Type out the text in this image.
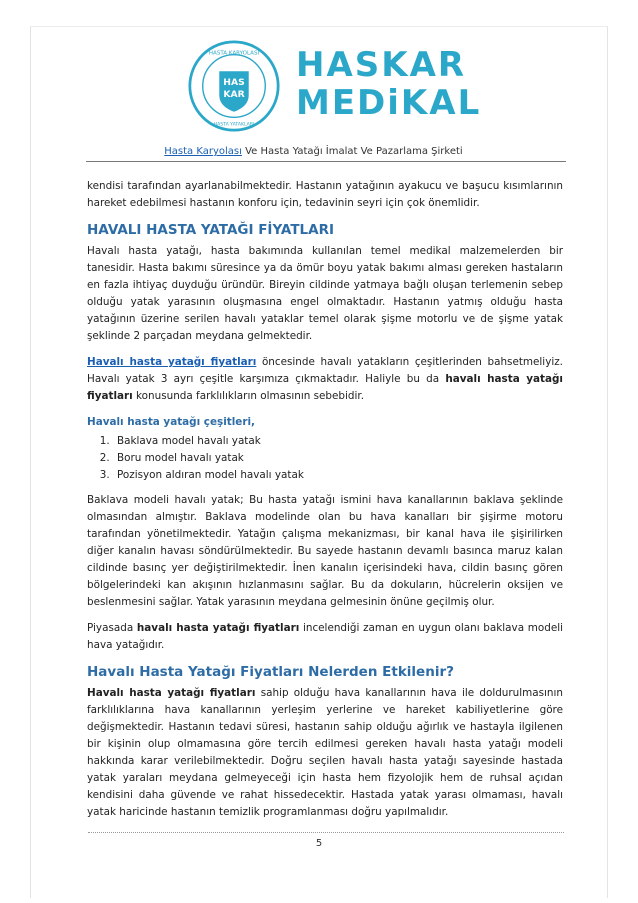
HAS
KAR
HASTA KARYOLASI
HASTA YATAKLARI
HASKAR
MEDiKAL
Hasta Karyolası Ve Hasta Yatağı İmalat Ve Pazarlama Şirketi

kendisi tarafından ayarlanabilmektedir. Hastanın yatağının ayakucu ve başucu kısımlarının hareket edebilmesi hastanın konforu için, tedavinin seyri için çok önemlidir.

HAVALI HASTA YATAĞI FİYATLARI

Havalı hasta yatağı, hasta bakımında kullanılan temel medikal malzemelerden bir tanesidir. Hasta bakımı süresince ya da ömür boyu yatak bakımı alması gereken hastaların en fazla ihtiyaç duyduğu üründür. Bireyin cildinde yatmaya bağlı oluşan terlemenin sebep olduğu yatak yarasının oluşmasına engel olmaktadır. Hastanın yatmış olduğu hasta yatağının üzerine serilen havalı yataklar temel olarak şişme motorlu ve de şişme yatak şeklinde 2 parçadan meydana gelmektedir.

Havalı hasta yatağı fiyatları öncesinde havalı yatakların çeşitlerinden bahsetmeliyiz. Havalı yatak 3 ayrı çeşitle karşımıza çıkmaktadır. Haliyle bu da havalı hasta yatağı fiyatları konusunda farklılıkların olmasının sebebidir.

Havalı hasta yatağı çeşitleri,
1. Baklava model havalı yatak
2. Boru model havalı yatak
3. Pozisyon aldıran model havalı yatak

Baklava modeli havalı yatak; Bu hasta yatağı ismini hava kanallarının baklava şeklinde olmasından almıştır. Baklava modelinde olan bu hava kanalları bir şişirme motoru tarafından yönetilmektedir. Yatağın çalışma mekanizması, bir kanal hava ile şişirilirken diğer kanalın havası söndürülmektedir. Bu sayede hastanın devamlı basınca maruz kalan cildinde basınç yer değiştirilmektedir. İnen kanalın içerisindeki hava, cildin basınç gören bölgelerindeki kan akışının hızlanmasını sağlar. Bu da dokuların, hücrelerin oksijen ve beslenmesini sağlar. Yatak yarasının meydana gelmesinin önüne geçilmiş olur.

Piyasada havalı hasta yatağı fiyatları incelendiği zaman en uygun olanı baklava modeli hava yatağıdır.

Havalı Hasta Yatağı Fiyatları Nelerden Etkilenir?

Havalı hasta yatağı fiyatları sahip olduğu hava kanallarının hava ile doldurulmasının farklılıklarına hava kanallarının yerleşim yerlerine ve hareket kabiliyetlerine göre değişmektedir. Hastanın tedavi süresi, hastanın sahip olduğu ağırlık ve hastayla ilgilenen bir kişinin olup olmamasına göre tercih edilmesi gereken havalı hasta yatağı modeli hakkında karar verilebilmektedir. Doğru seçilen havalı hasta yatağı sayesinde hastada yatak yaraları meydana gelmeyeceği için hasta hem fizyolojik hem de ruhsal açıdan kendisini daha güvende ve rahat hissedecektir. Hastada yatak yarası olmaması, havalı yatak haricinde hastanın temizlik programlanması doğru yapılmalıdır.

5
